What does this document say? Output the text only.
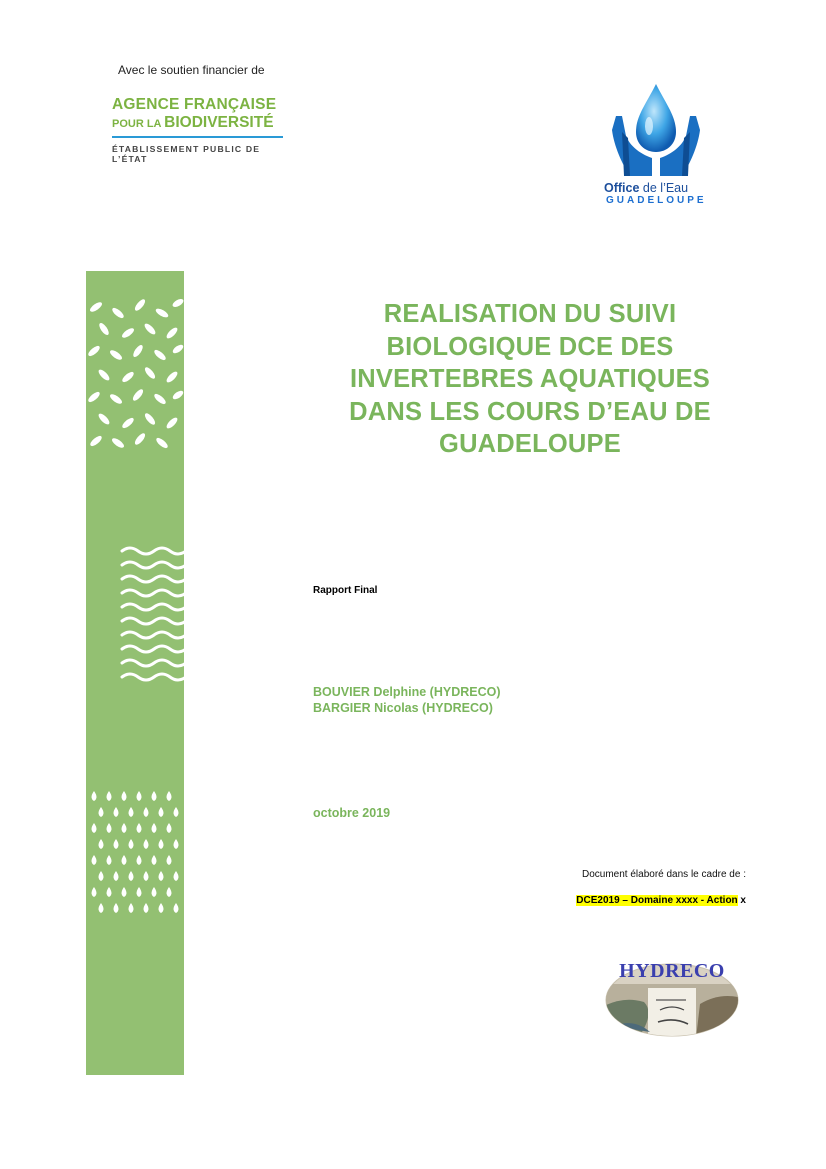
Avec le soutien financier de
AGENCE FRANÇAISE
POUR LA BIODIVERSITÉ
ÉTABLISSEMENT PUBLIC DE L’ÉTAT
Office de l’Eau
GUADELOUPE
REALISATION DU SUIVI
BIOLOGIQUE DCE DES
INVERTEBRES AQUATIQUES
DANS LES COURS D’EAU DE
GUADELOUPE
Rapport Final
BOUVIER Delphine (HYDRECO)
BARGIER Nicolas (HYDRECO)
octobre 2019
Document élaboré dans le cadre de :
DCE2019 – Domaine xxxx - Action x
HYDRECO
